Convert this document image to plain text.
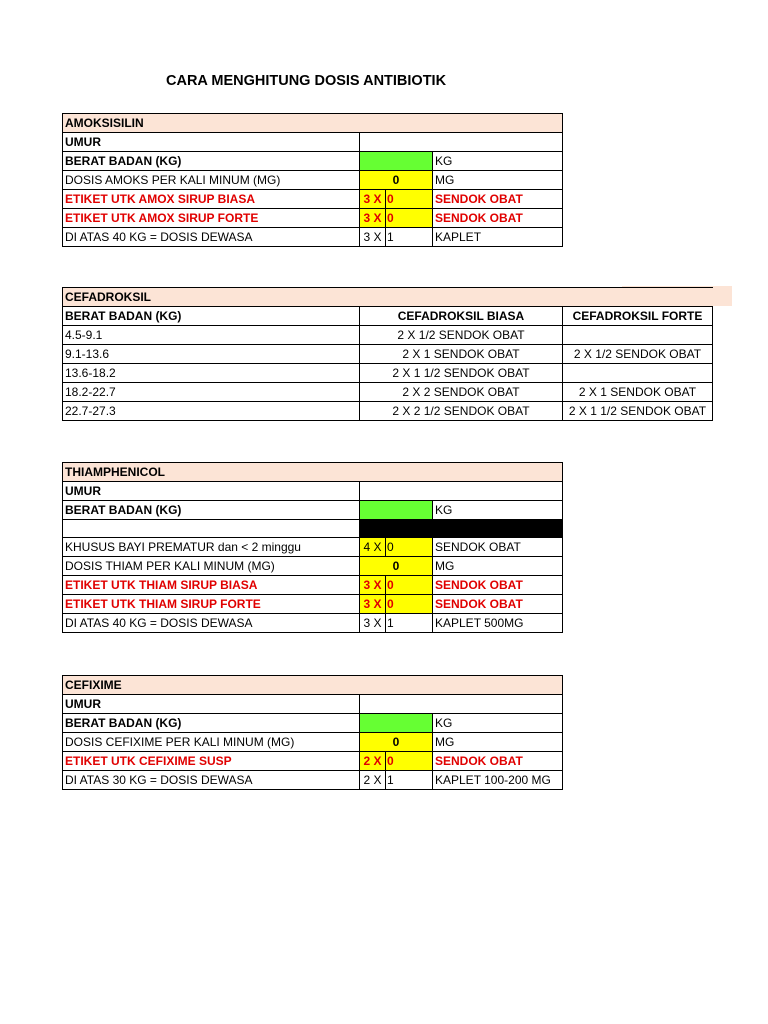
CARA MENGHITUNG DOSIS ANTIBIOTIK
AMOKSISILIN		
UMUR		
BERAT BADAN (KG)		KG
DOSIS AMOKS PER KALI MINUM (MG)	0	MG
ETIKET UTK AMOX SIRUP BIASA	3 X 0	SENDOK OBAT
ETIKET UTK AMOX SIRUP FORTE	3 X 0	SENDOK OBAT
DI ATAS 40 KG = DOSIS DEWASA	3 X 1	KAPLET
CEFADROKSIL		
BERAT BADAN (KG)	CEFADROKSIL BIASA	CEFADROKSIL FORTE
4.5-9.1	2 X 1/2 SENDOK OBAT	
9.1-13.6	2 X 1 SENDOK OBAT	2 X 1/2 SENDOK OBAT
13.6-18.2	2 X 1 1/2 SENDOK OBAT	
18.2-22.7	2 X 2 SENDOK OBAT	2 X 1 SENDOK OBAT
22.7-27.3	2 X 2 1/2 SENDOK OBAT	2 X 1 1/2 SENDOK OBAT
THIAMPHENICOL		
UMUR		
BERAT BADAN (KG)		KG

KHUSUS BAYI PREMATUR dan < 2 minggu	4 X 0	SENDOK OBAT
DOSIS THIAM PER KALI MINUM (MG)	0	MG
ETIKET UTK THIAM SIRUP BIASA	3 X 0	SENDOK OBAT
ETIKET UTK THIAM SIRUP FORTE	3 X 0	SENDOK OBAT
DI ATAS 40 KG = DOSIS DEWASA	3 X 1	KAPLET 500MG
CEFIXIME		
UMUR		
BERAT BADAN (KG)		KG
DOSIS CEFIXIME PER KALI MINUM (MG)	0	MG
ETIKET UTK CEFIXIME SUSP	2 X 0	SENDOK OBAT
DI ATAS 30 KG = DOSIS DEWASA	2 X 1	KAPLET 100-200 MG
